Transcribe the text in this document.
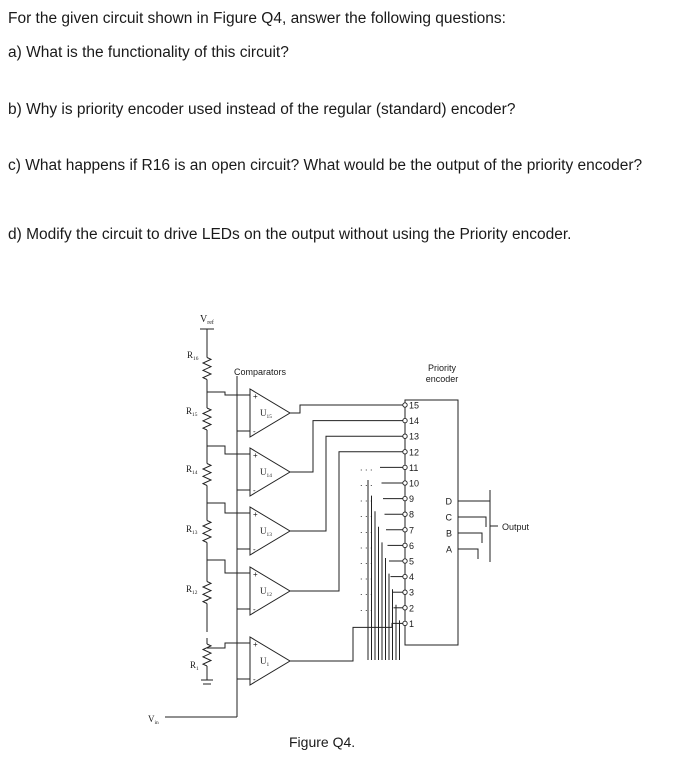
For the given circuit shown in Figure Q4, answer the following questions:
a) What is the functionality of this circuit?
b) Why is priority encoder used instead of the regular (standard) encoder?
c) What happens if R16 is an open circuit? What would be the output of the priority encoder?
d) Modify the circuit to drive LEDs on the output without using the Priority encoder.
$V_{ref}$
$R_{16}$
$R_{15}$
$R_{14}$
$R_{13}$
$R_{12}$
$R_1$
$V_{in}$
+
-
$U_{15}$
+
-
$U_{14}$
+
-
$U_{13}$
+
-
$U_{12}$
+
-
$U_1$
Comparators	Priority
encoder
15
14
13
12
11
10
9
8
7
6
5
4
3
2
1
. . .
. . .
. . .
. . .
. . .
. . .
. . .
. . .
. . .
. . .
D
C
B
A
Output
Figure Q4.
